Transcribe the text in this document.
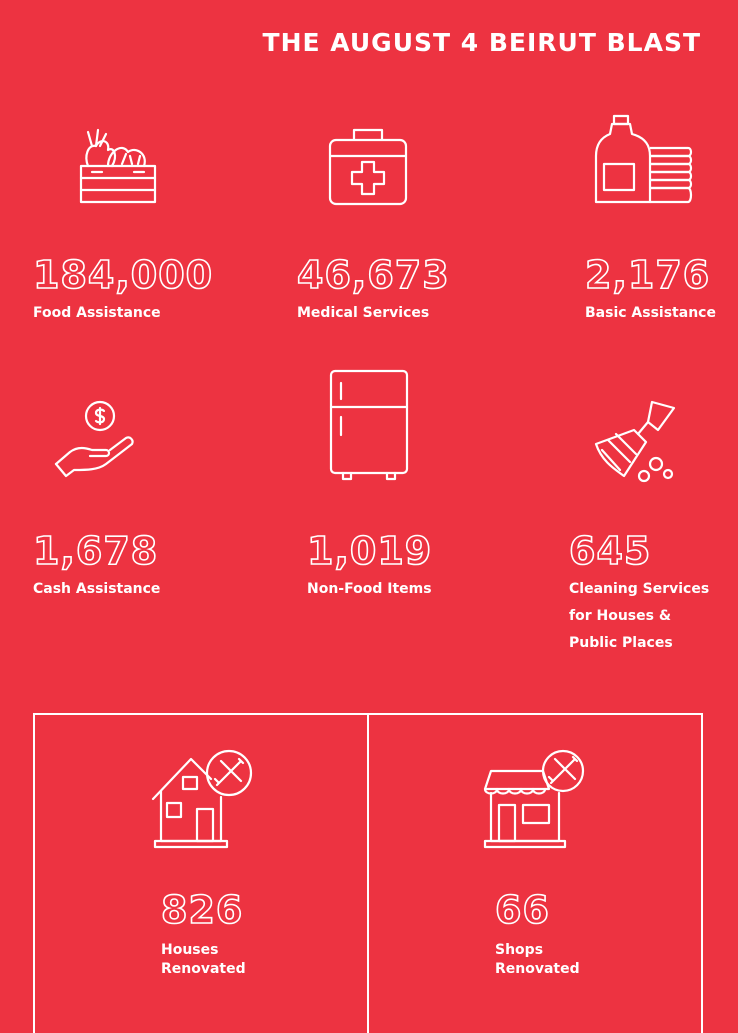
THE AUGUST 4 BEIRUT BLAST
184,000
Food Assistance
46,673
Medical Services
2,176
Basic Assistance
1,678
Cash Assistance
1,019
Non-Food Items
645
Cleaning Services
for Houses &
Public Places
826
Houses
Renovated
66
Shops
Renovated
